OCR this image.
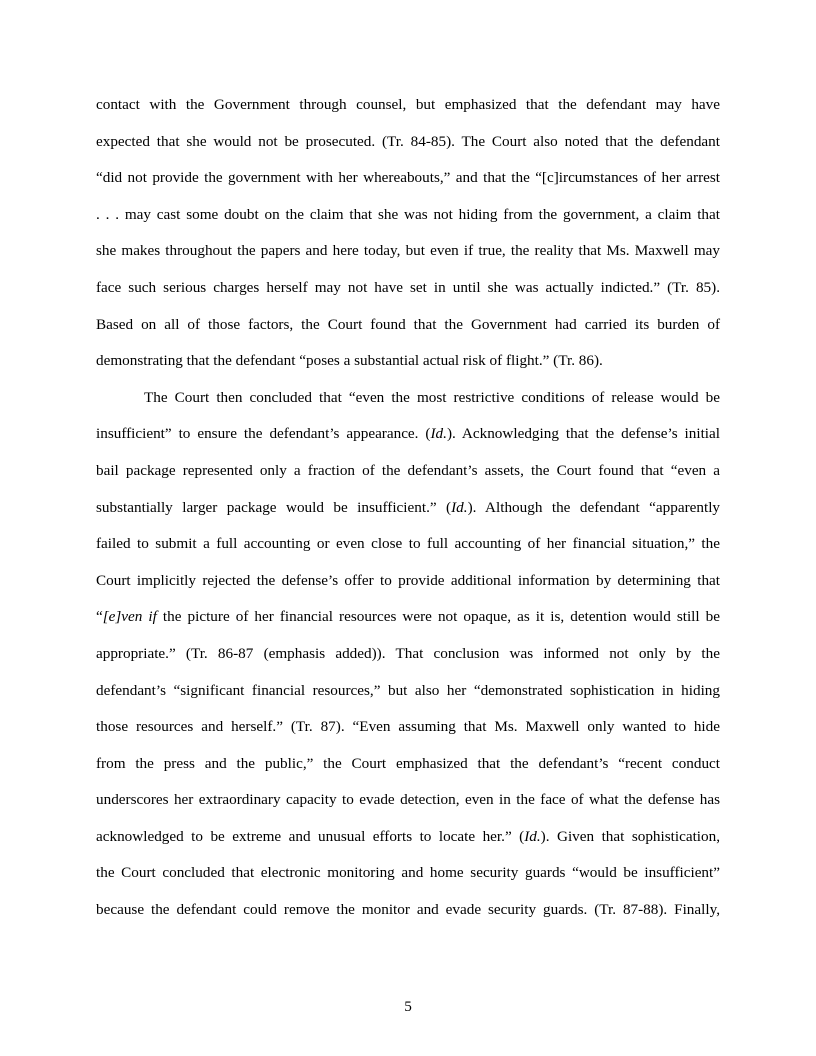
contact with the Government through counsel, but emphasized that the defendant may have
expected that she would not be prosecuted. (Tr. 84-85). The Court also noted that the defendant
“did not provide the government with her whereabouts,” and that the “[c]ircumstances of her arrest
. . . may cast some doubt on the claim that she was not hiding from the government, a claim that
she makes throughout the papers and here today, but even if true, the reality that Ms. Maxwell may
face such serious charges herself may not have set in until she was actually indicted.” (Tr. 85).
Based on all of those factors, the Court found that the Government had carried its burden of
demonstrating that the defendant “poses a substantial actual risk of flight.” (Tr. 86).
The Court then concluded that “even the most restrictive conditions of release would be
insufficient” to ensure the defendant’s appearance. (Id.). Acknowledging that the defense’s initial
bail package represented only a fraction of the defendant’s assets, the Court found that “even a
substantially larger package would be insufficient.” (Id.). Although the defendant “apparently
failed to submit a full accounting or even close to full accounting of her financial situation,” the
Court implicitly rejected the defense’s offer to provide additional information by determining that
“[e]ven if the picture of her financial resources were not opaque, as it is, detention would still be
appropriate.” (Tr. 86-87 (emphasis added)). That conclusion was informed not only by the
defendant’s “significant financial resources,” but also her “demonstrated sophistication in hiding
those resources and herself.” (Tr. 87). “Even assuming that Ms. Maxwell only wanted to hide
from the press and the public,” the Court emphasized that the defendant’s “recent conduct
underscores her extraordinary capacity to evade detection, even in the face of what the defense has
acknowledged to be extreme and unusual efforts to locate her.” (Id.). Given that sophistication,
the Court concluded that electronic monitoring and home security guards “would be insufficient”
because the defendant could remove the monitor and evade security guards. (Tr. 87-88). Finally,
5
